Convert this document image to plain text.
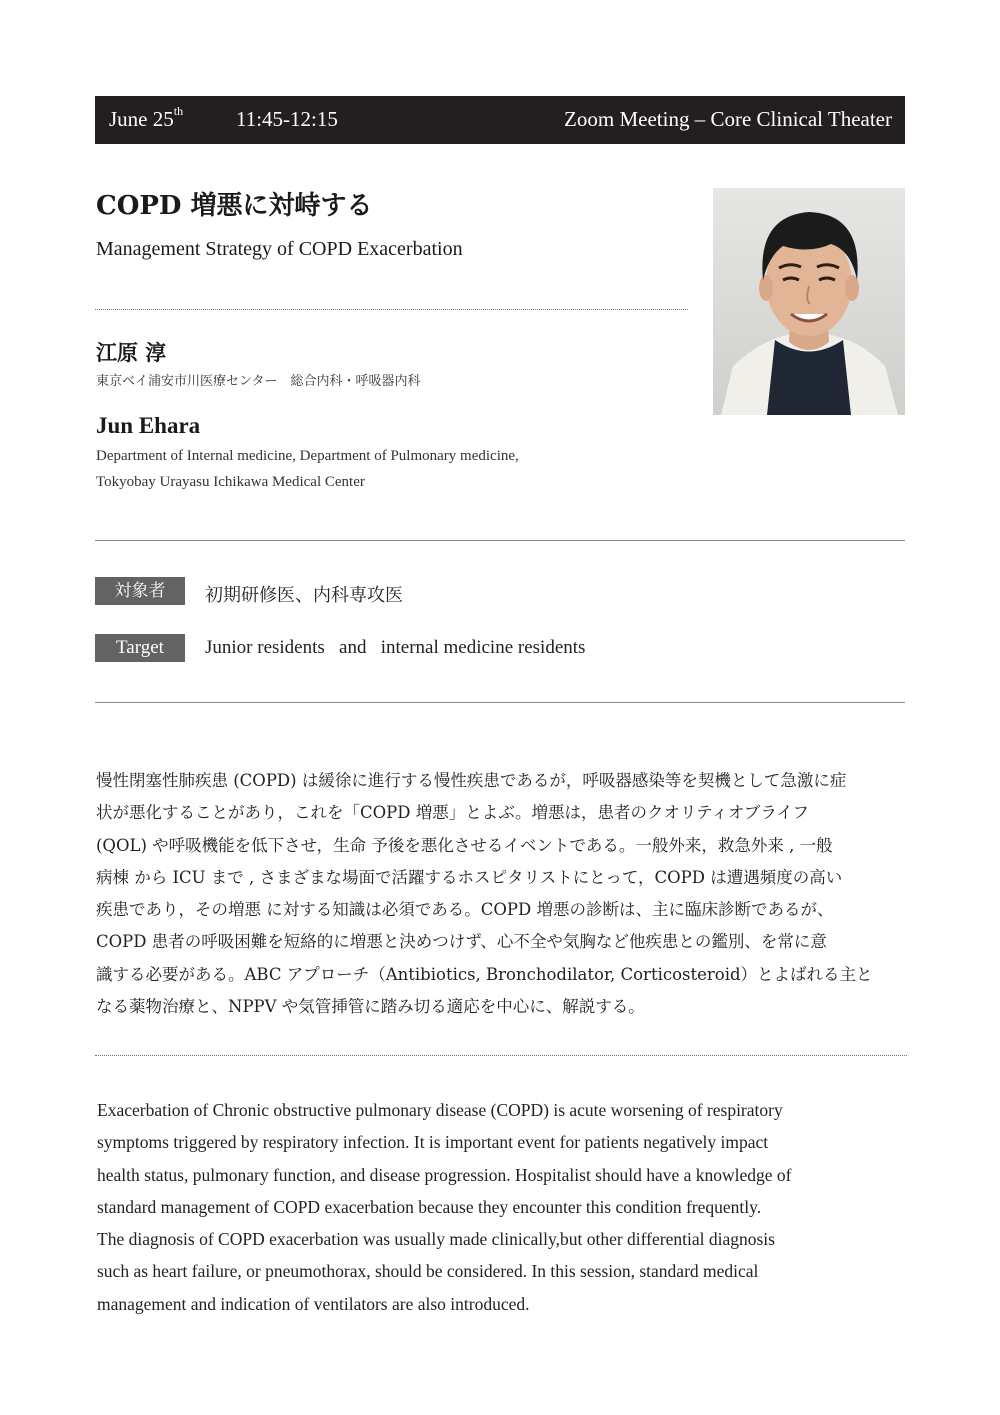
June 25th	11:45-12:15	Zoom Meeting – Core Clinical Theater
COPD 増悪に対峙する
Management Strategy of COPD Exacerbation
江原 淳
東京ベイ浦安市川医療センター　総合内科・呼吸器内科
Jun Ehara
Department of Internal medicine, Department of Pulmonary medicine,
Tokyobay Urayasu Ichikawa Medical Center
対象者	初期研修医、内科専攻医
Target	Junior residents   and   internal medicine residents
慢性閉塞性肺疾患 (COPD) は緩徐に進行する慢性疾患であるが，呼吸器感染等を契機として急激に症
状が悪化することがあり，これを「COPD 増悪」とよぶ。増悪は，患者のクオリティオブライフ
(QOL) や呼吸機能を低下させ，生命 予後を悪化させるイベントである。一般外来，救急外来 , 一般
病棟 から ICU まで , さまざまな場面で活躍するホスピタリストにとって，COPD は遭遇頻度の高い
疾患であり，その増悪 に対する知識は必須である。COPD 増悪の診断は、主に臨床診断であるが、
COPD 患者の呼吸困難を短絡的に増悪と決めつけず、心不全や気胸など他疾患との鑑別、を常に意
識する必要がある。ABC アプローチ（Antibiotics, Bronchodilator, Corticosteroid）とよばれる主と
なる薬物治療と、NPPV や気管挿管に踏み切る適応を中心に、解説する。
Exacerbation of Chronic obstructive pulmonary disease (COPD) is acute worsening of respiratory
symptoms triggered by respiratory infection. It is important event for patients negatively impact
health status, pulmonary function, and disease progression. Hospitalist should have a knowledge of
standard management of COPD exacerbation because they encounter this condition frequently.
The diagnosis of COPD exacerbation was usually made clinically,but other differential diagnosis
such as heart failure, or pneumothorax, should be considered. In this session, standard medical
management and indication of ventilators are also introduced.
